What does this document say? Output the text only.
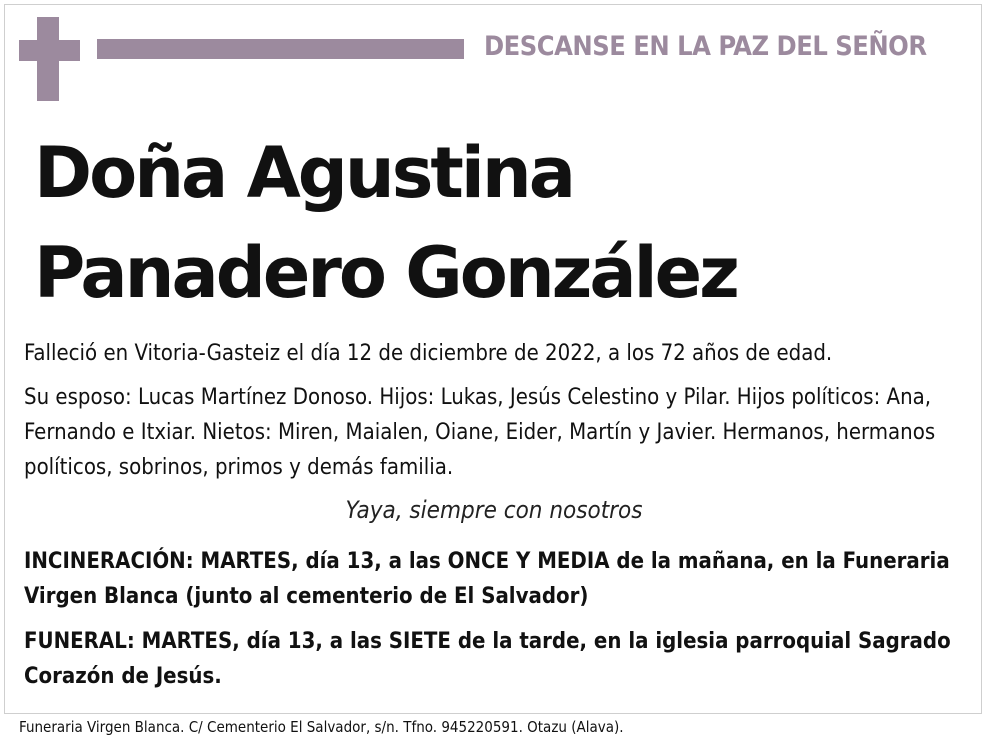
DESCANSE EN LA PAZ DEL SEÑOR
Doña Agustina
Panadero González
Falleció en Vitoria-Gasteiz el día 12 de diciembre de 2022, a los 72 años de edad.
Su esposo: Lucas Martínez Donoso. Hijos: Lukas, Jesús Celestino y Pilar. Hijos políticos: Ana, Fernando e Itxiar. Nietos: Miren, Maialen, Oiane, Eider, Martín y Javier. Hermanos, hermanos políticos, sobrinos, primos y demás familia.
Yaya, siempre con nosotros
INCINERACIÓN: MARTES, día 13, a las ONCE Y MEDIA de la mañana, en la Funeraria Virgen Blanca (junto al cementerio de El Salvador)
FUNERAL: MARTES, día 13, a las SIETE de la tarde, en la iglesia parroquial Sagrado Corazón de Jesús.
Funeraria Virgen Blanca. C/ Cementerio El Salvador, s/n. Tfno. 945220591. Otazu (Alava).
